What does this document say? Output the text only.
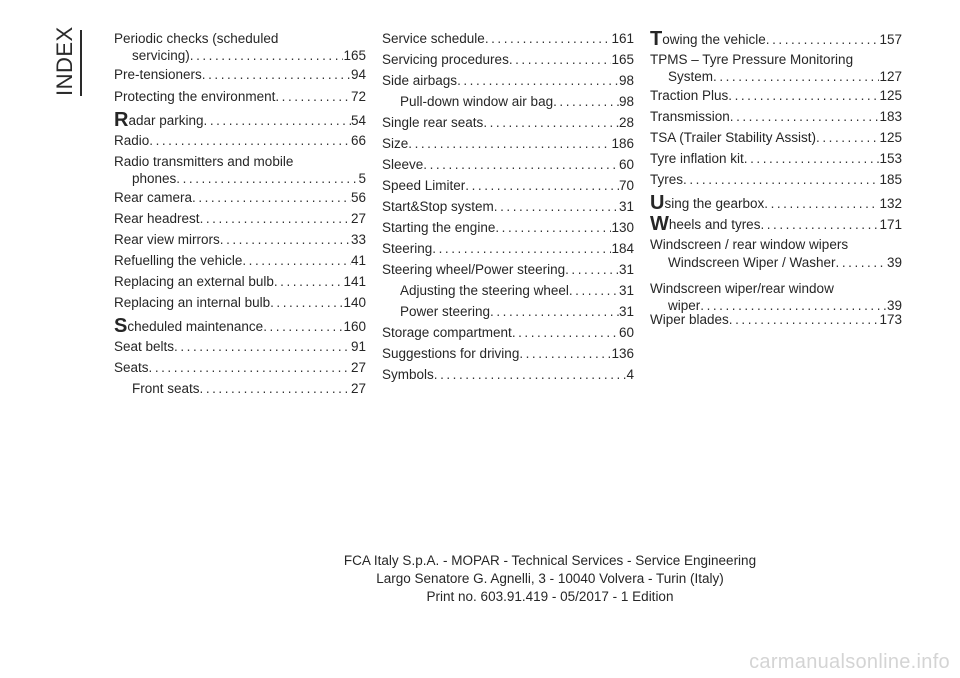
INDEX	Periodic checks (scheduled
servicing) . . .	165
Pre-tensioners . . .	94
Protecting the environment . . .	72
Radar parking . . .	54
Radio . . .	66
Radio transmitters and mobile
phones . . .	5
Rear camera . . .	56
Rear headrest . . .	27
Rear view mirrors . . .	33
Refuelling the vehicle . . .	41
Replacing an external bulb . . .	141
Replacing an internal bulb . . .	140
Scheduled maintenance . . .	160
Seat belts . . .	91
Seats . . .	27
Front seats . . .	27
Service schedule . . .	161
Servicing procedures . . .	165
Side airbags . . .	98
Pull-down window air bag . . .	98
Single rear seats . . .	28
Size . . .	186
Sleeve . . .	60
Speed Limiter . . .	70
Start&Stop system . . .	31
Starting the engine . . .	130
Steering . . .	184
Steering wheel/Power steering . . .	31
Adjusting the steering wheel . . .	31
Power steering . . .	31
Storage compartment . . .	60
Suggestions for driving . . .	136
Symbols . . .	4
Towing the vehicle . . .	157
TPMS – Tyre Pressure Monitoring
System . . .	127
Traction Plus . . .	125
Transmission . . .	183
TSA (Trailer Stability Assist) . . .	125
Tyre inflation kit . . .	153
Tyres . . .	185
Using the gearbox . . .	132
Wheels and tyres . . .	171
Windscreen / rear window wipers
Windscreen Wiper / Washer . . .	39
Windscreen wiper/rear window
wiper . . .	39
Wiper blades . . .	173
FCA Italy S.p.A. - MOPAR - Technical Services - Service Engineering
Largo Senatore G. Agnelli, 3 - 10040 Volvera - Turin (Italy)
Print no. 603.91.419 - 05/2017 - 1 Edition
carmanualsonline.info
